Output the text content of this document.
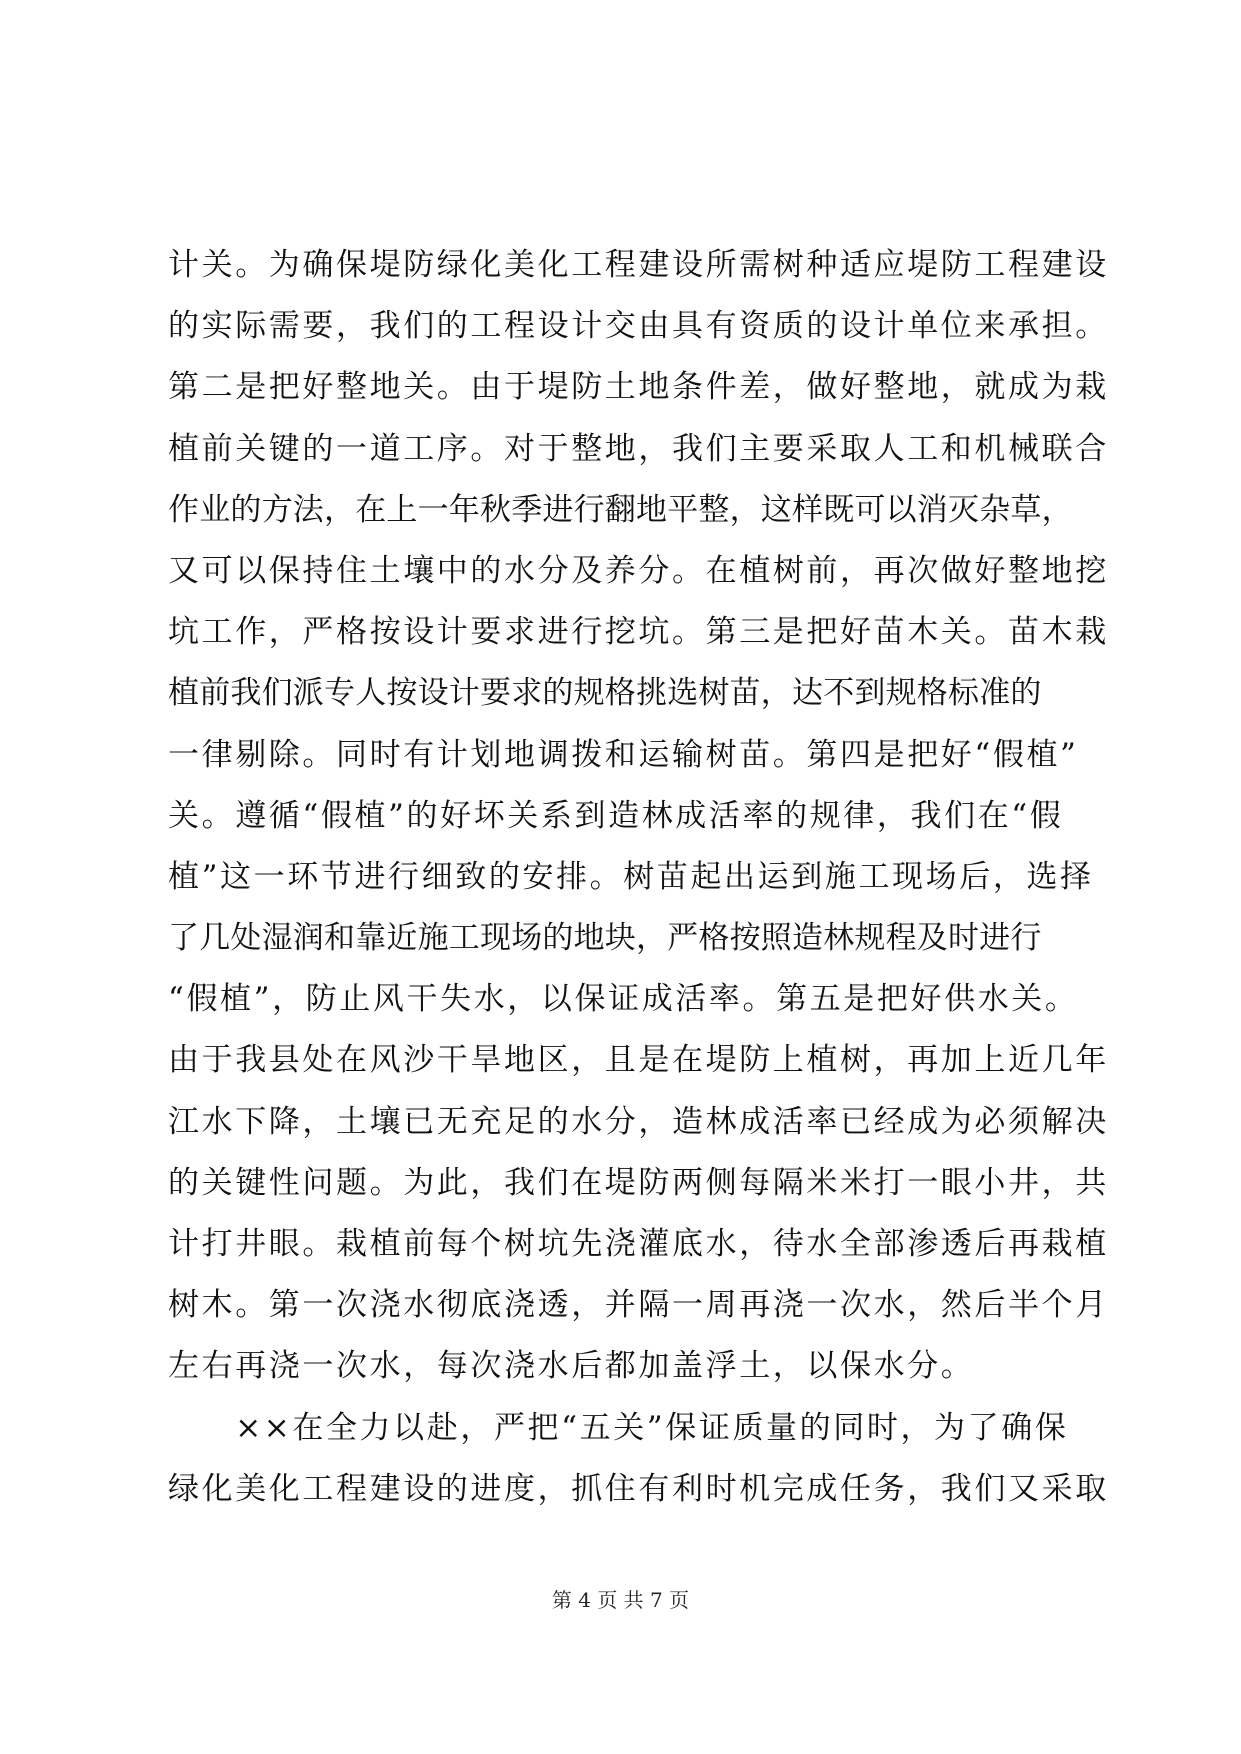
计关。为确保堤防绿化美化工程建设所需树种适应堤防工程建设
的实际需要，我们的工程设计交由具有资质的设计单位来承担。
第二是把好整地关。由于堤防土地条件差，做好整地，就成为栽
植前关键的一道工序。对于整地，我们主要采取人工和机械联合
作业的方法，在上一年秋季进行翻地平整，这样既可以消灭杂草，
又可以保持住土壤中的水分及养分。在植树前，再次做好整地挖
坑工作，严格按设计要求进行挖坑。第三是把好苗木关。苗木栽
植前我们派专人按设计要求的规格挑选树苗，达不到规格标准的
一律剔除。同时有计划地调拨和运输树苗。第四是把好“假植”
关。遵循“假植”的好坏关系到造林成活率的规律，我们在“假
植”这一环节进行细致的安排。树苗起出运到施工现场后，选择
了几处湿润和靠近施工现场的地块，严格按照造林规程及时进行
“假植”，防止风干失水，以保证成活率。第五是把好供水关。
由于我县处在风沙干旱地区，且是在堤防上植树，再加上近几年
江水下降，土壤已无充足的水分，造林成活率已经成为必须解决
的关键性问题。为此，我们在堤防两侧每隔米米打一眼小井，共
计打井眼。栽植前每个树坑先浇灌底水，待水全部渗透后再栽植
树木。第一次浇水彻底浇透，并隔一周再浇一次水，然后半个月
左右再浇一次水，每次浇水后都加盖浮土，以保水分。
　　××在全力以赴，严把“五关”保证质量的同时，为了确保
绿化美化工程建设的进度，抓住有利时机完成任务，我们又采取
第 4 页 共 7 页
